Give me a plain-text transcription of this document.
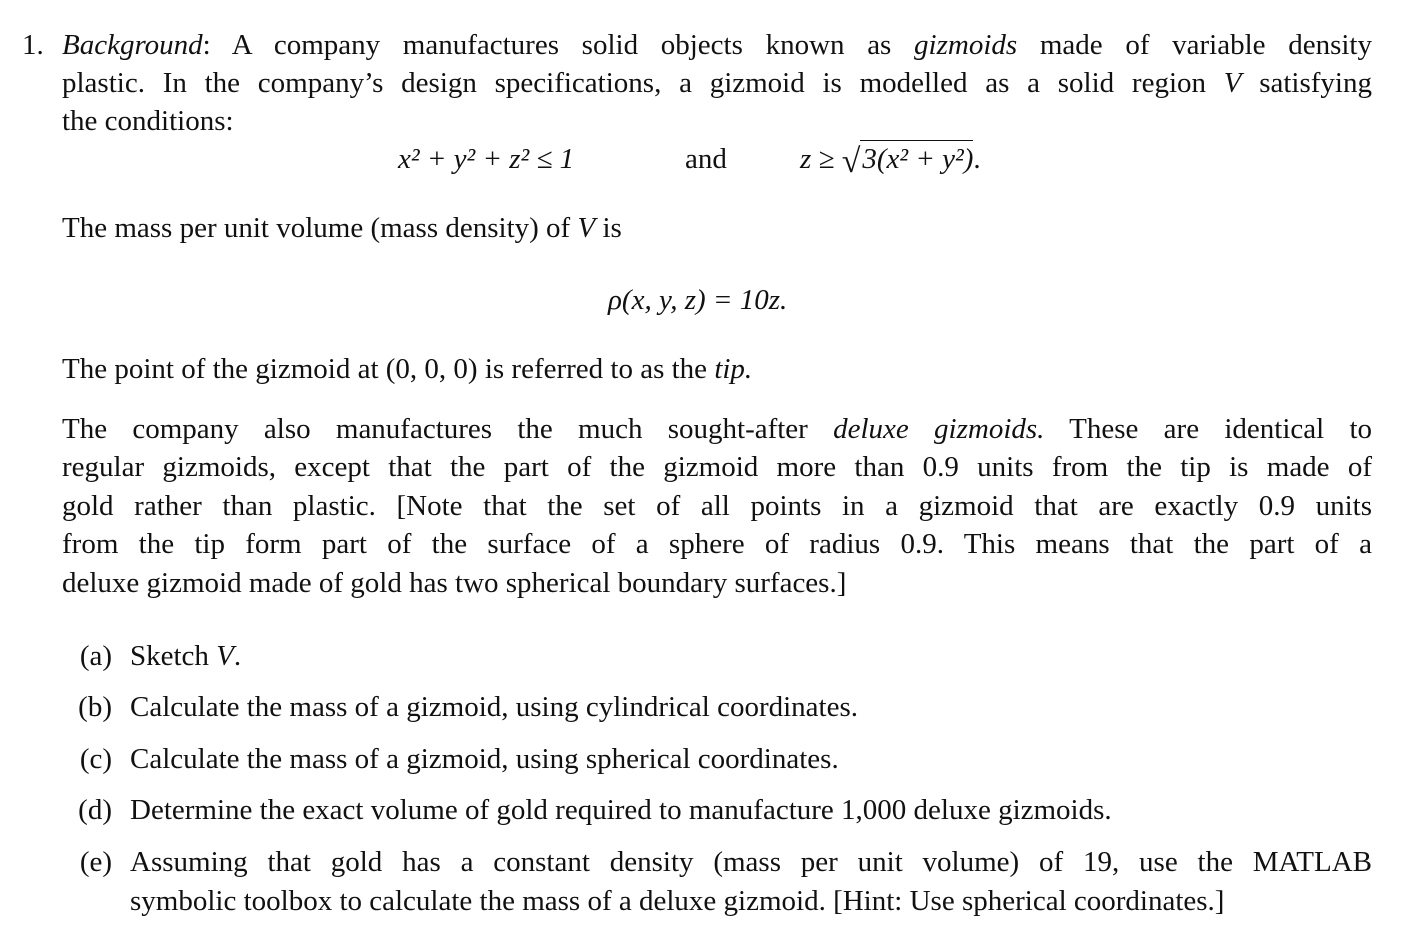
1. Background: A company manufactures solid objects known as gizmoids made of variable density
plastic. In the company’s design specifications, a gizmoid is modelled as a solid region V satisfying
the conditions:
x² + y² + z² ≤ 1	and	z ≥ √3(x² + y²).
The mass per unit volume (mass density) of V is
ρ(x, y, z) = 10z.
The point of the gizmoid at (0, 0, 0) is referred to as the tip.
The company also manufactures the much sought-after deluxe gizmoids. These are identical to
regular gizmoids, except that the part of the gizmoid more than 0.9 units from the tip is made of
gold rather than plastic. [Note that the set of all points in a gizmoid that are exactly 0.9 units
from the tip form part of the surface of a sphere of radius 0.9. This means that the part of a
deluxe gizmoid made of gold has two spherical boundary surfaces.]
(a) Sketch V.
(b) Calculate the mass of a gizmoid, using cylindrical coordinates.
(c) Calculate the mass of a gizmoid, using spherical coordinates.
(d) Determine the exact volume of gold required to manufacture 1,000 deluxe gizmoids.
(e) Assuming that gold has a constant density (mass per unit volume) of 19, use the MATLAB
symbolic toolbox to calculate the mass of a deluxe gizmoid. [Hint: Use spherical coordinates.]
